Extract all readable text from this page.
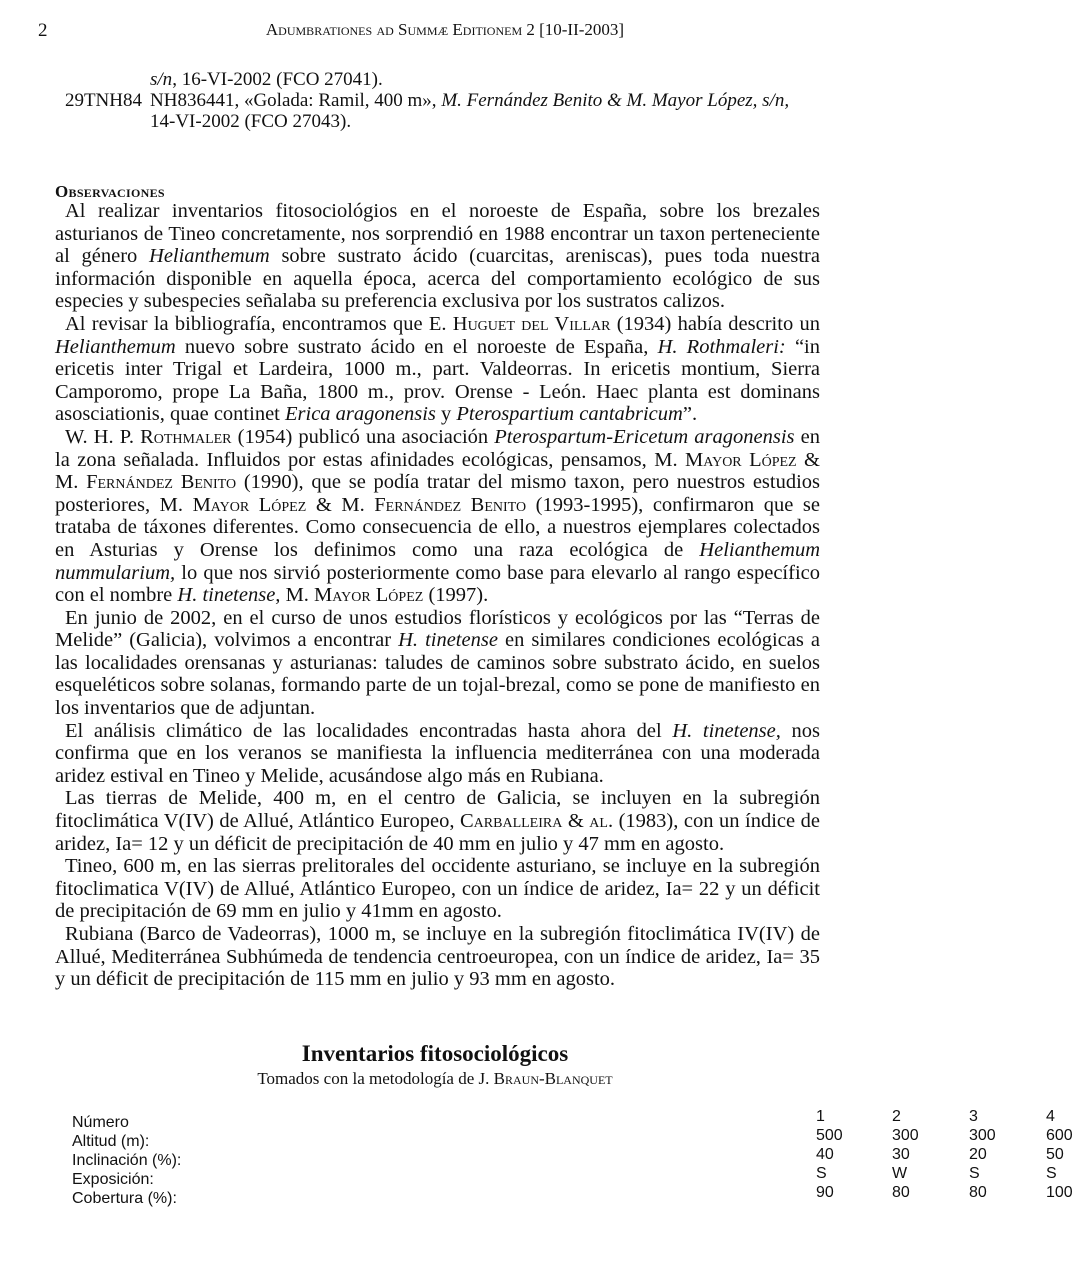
2	Adumbrationes ad Summæ Editionem 2 [10-II-2003]
s/n, 16-VI-2002 (FCO 27041).
29TNH84 NH836441, «Golada: Ramil, 400 m», M. Fernández Benito & M. Mayor López, s/n,
14-VI-2002 (FCO 27043).
Observaciones

Al realizar inventarios fitosociológios en el noroeste de España, sobre los brezales asturianos de Tineo concretamente, nos sorprendió en 1988 encontrar un taxon perteneciente al género Helianthemum sobre sustrato ácido (cuarcitas, areniscas), pues toda nuestra información disponible en aquella época, acerca del comportamiento ecológico de sus especies y subespecies señalaba su preferencia exclusiva por los sustratos calizos.

Al revisar la bibliografía, encontramos que E. Huguet del Villar (1934) había descrito un Helianthemum nuevo sobre sustrato ácido en el noroeste de España, H. Rothmaleri: “in ericetis inter Trigal et Lardeira, 1000 m., part. Valdeorras. In ericetis montium, Sierra Camporomo, prope La Baña, 1800 m., prov. Orense - León. Haec planta est dominans asosciationis, quae continet Erica aragonensis y Pterospartium cantabricum”.

W. H. P. Rothmaler (1954) publicó una asociación Pterospartum-Ericetum aragonensis en la zona señalada. Influidos por estas afinidades ecológicas, pensamos, M. Mayor López & M. Fernández Benito (1990), que se podía tratar del mismo taxon, pero nuestros estudios posteriores, M. Mayor López & M. Fernández Benito (1993-1995), confirmaron que se trataba de táxones diferentes. Como consecuencia de ello, a nuestros ejemplares colectados en Asturias y Orense los definimos como una raza ecológica de Helianthemum nummularium, lo que nos sirvió posteriormente como base para elevarlo al rango específico con el nombre H. tinetense, M. Mayor López (1997).

En junio de 2002, en el curso de unos estudios florísticos y ecológicos por las “Terras de Melide” (Galicia), volvimos a encontrar H. tinetense en similares condiciones ecológicas a las localidades orensanas y asturianas: taludes de caminos sobre substrato ácido, en suelos esqueléticos sobre solanas, formando parte de un tojal-brezal, como se pone de manifiesto en los inventarios que de adjuntan.

El análisis climático de las localidades encontradas hasta ahora del H. tinetense, nos confirma que en los veranos se manifiesta la influencia mediterránea con una moderada aridez estival en Tineo y Melide, acusándose algo más en Rubiana.

Las tierras de Melide, 400 m, en el centro de Galicia, se incluyen en la subregión fitoclimática V(IV) de Allué, Atlántico Europeo, Carballeira & al. (1983), con un índice de aridez, Ia= 12 y un déficit de precipitación de 40 mm en julio y 47 mm en agosto.

Tineo, 600 m, en las sierras prelitorales del occidente asturiano, se incluye en la subregión fitoclimatica V(IV) de Allué, Atlántico Europeo, con un índice de aridez, Ia= 22 y un déficit de precipitación de 69 mm en julio y 41mm en agosto.

Rubiana (Barco de Vadeorras), 1000 m, se incluye en la subregión fitoclimática IV(IV) de Allué, Mediterránea Subhúmeda de tendencia centroeuropea, con un índice de aridez, Ia= 35 y un déficit de precipitación de 115 mm en julio y 93 mm en agosto.

Inventarios fitosociológicos
Tomados con la metodología de J. Braun-Blanquet
Número	1	2	3	4
Altitud (m):	500	300	300	600
Inclinación (%):	40	30	20	50
Exposición:	S	W	S	S
Cobertura (%):	90	80	80	100
